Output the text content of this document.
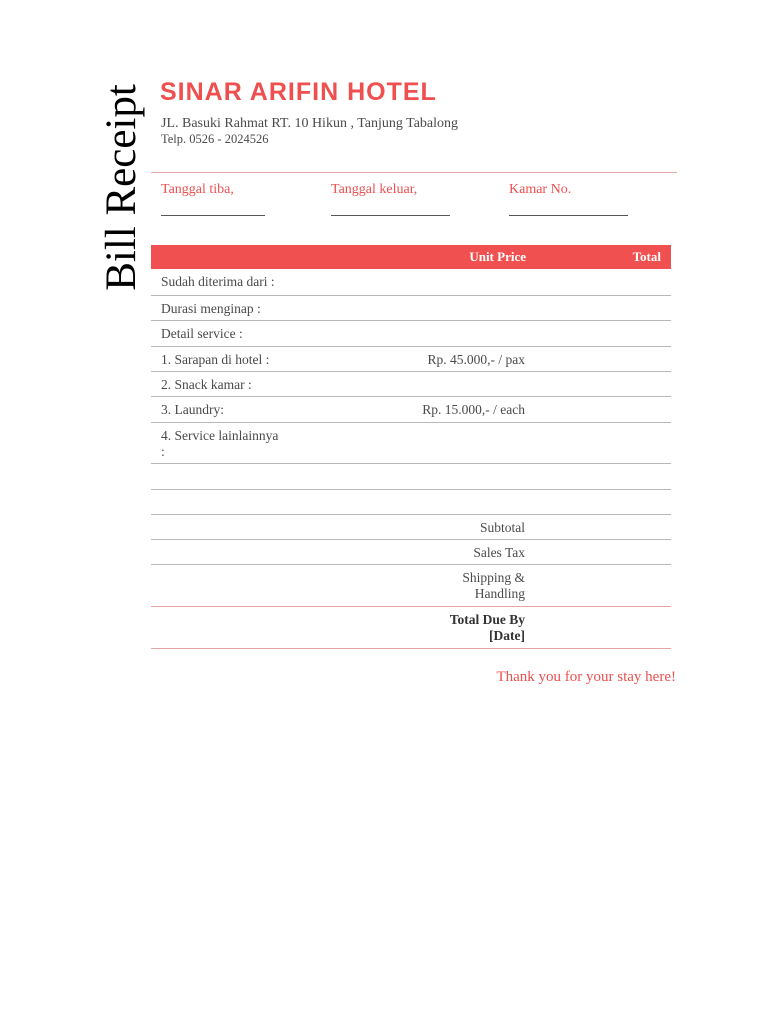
Bill Receipt SINAR ARIFIN HOTEL
JL. Basuki Rahmat RT. 10 Hikun , Tanjung Tabalong
Telp. 0526 - 2024526
Tanggal tiba,	Tanggal keluar,	Kamar No.
Unit Price	Total
Sudah diterima dari :
Durasi menginap :
Detail service :
1. Sarapan di hotel :	Rp. 45.000,- / pax
2. Snack kamar :
3. Laundry:	Rp. 15.000,- / each
4. Service lainlainnya
:
Subtotal
Sales Tax
Shipping &
Handling
Total Due By
[Date]
Thank you for your stay here!
